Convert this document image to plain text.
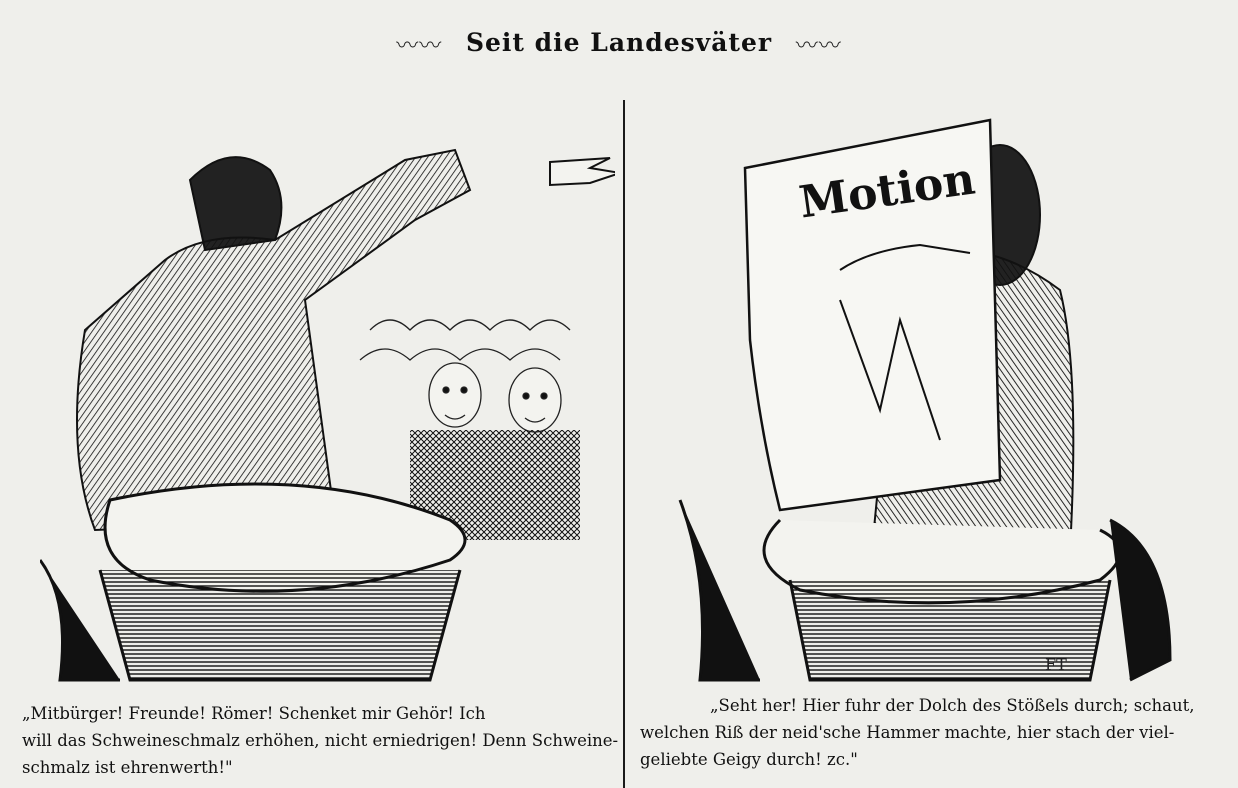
〰〰 Seit die Landesväter 〰〰
Motion
FT
„Mitbürger! Freunde! Römer! Schenket mir Gehör! Ich
will das Schweineschmalz erhöhen, nicht erniedrigen! Denn Schweine-
schmalz ist ehrenwerth!"
„Seht her! Hier fuhr der Dolch des Stößels durch; schaut,
welchen Riß der neid'sche Hammer machte, hier stach der viel-
geliebte Geigy durch! zc."
